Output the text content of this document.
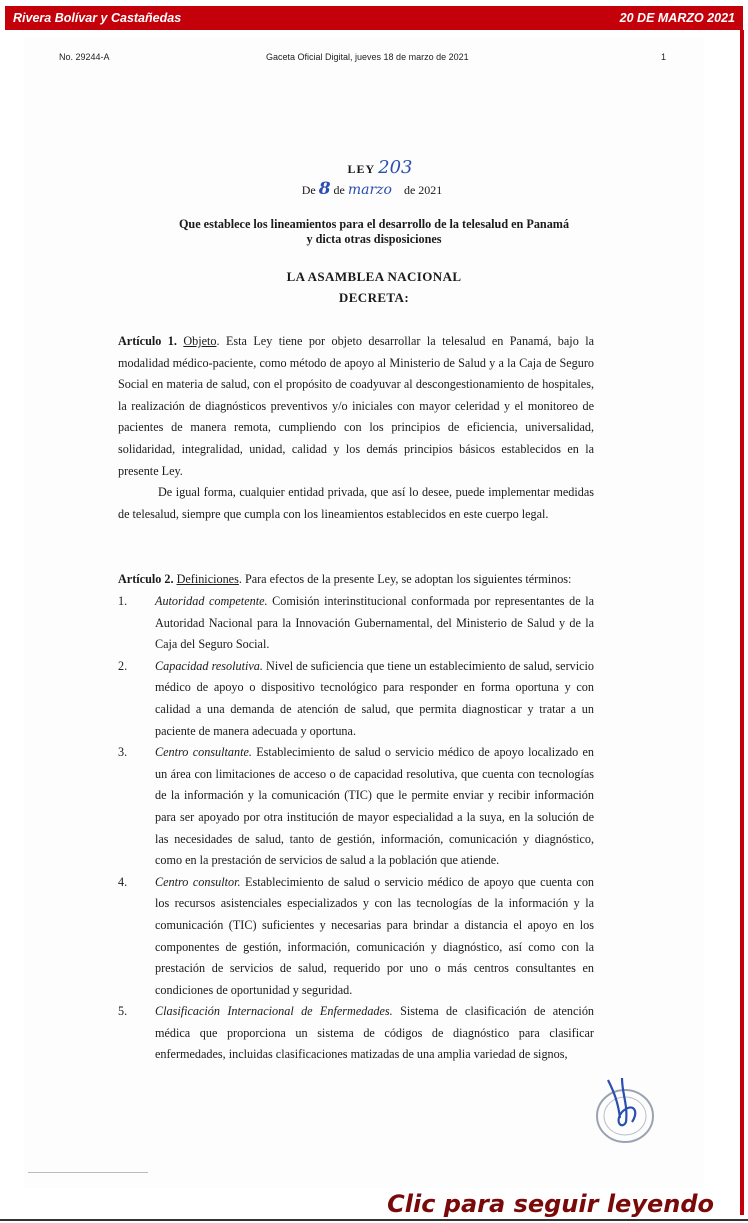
Rivera Bolívar y Castañedas	20 DE MARZO 2021
No. 29244-A	Gaceta Oficial Digital, jueves 18 de marzo de 2021	1
LEY 203
De 8 de marzo de 2021
Que establece los lineamientos para el desarrollo de la telesalud en Panamá
y dicta otras disposiciones
LA ASAMBLEA NACIONAL
DECRETA:

Artículo 1. Objeto. Esta Ley tiene por objeto desarrollar la telesalud en Panamá, bajo la modalidad médico-paciente, como método de apoyo al Ministerio de Salud y a la Caja de Seguro Social en materia de salud, con el propósito de coadyuvar al descongestionamiento de hospitales, la realización de diagnósticos preventivos y/o iniciales con mayor celeridad y el monitoreo de pacientes de manera remota, cumpliendo con los principios de eficiencia, universalidad, solidaridad, integralidad, unidad, calidad y los demás principios básicos establecidos en la presente Ley.

De igual forma, cualquier entidad privada, que así lo desee, puede implementar medidas de telesalud, siempre que cumpla con los lineamientos establecidos en este cuerpo legal.

Artículo 2. Definiciones. Para efectos de la presente Ley, se adoptan los siguientes términos:

1. Autoridad competente. Comisión interinstitucional conformada por representantes de la Autoridad Nacional para la Innovación Gubernamental, del Ministerio de Salud y de la Caja del Seguro Social.
2. Capacidad resolutiva. Nivel de suficiencia que tiene un establecimiento de salud, servicio médico de apoyo o dispositivo tecnológico para responder en forma oportuna y con calidad a una demanda de atención de salud, que permita diagnosticar y tratar a un paciente de manera adecuada y oportuna.
3. Centro consultante. Establecimiento de salud o servicio médico de apoyo localizado en un área con limitaciones de acceso o de capacidad resolutiva, que cuenta con tecnologías de la información y la comunicación (TIC) que le permite enviar y recibir información para ser apoyado por otra institución de mayor especialidad a la suya, en la solución de las necesidades de salud, tanto de gestión, información, comunicación y diagnóstico, como en la prestación de servicios de salud a la población que atiende.
4. Centro consultor. Establecimiento de salud o servicio médico de apoyo que cuenta con los recursos asistenciales especializados y con las tecnologías de la información y la comunicación (TIC) suficientes y necesarias para brindar a distancia el apoyo en los componentes de gestión, información, comunicación y diagnóstico, así como con la prestación de servicios de salud, requerido por uno o más centros consultantes en condiciones de oportunidad y seguridad.
5. Clasificación Internacional de Enfermedades. Sistema de clasificación de atención médica que proporciona un sistema de códigos de diagnóstico para clasificar enfermedades, incluidas clasificaciones matizadas de una amplia variedad de signos,
Clic para seguir leyendo
